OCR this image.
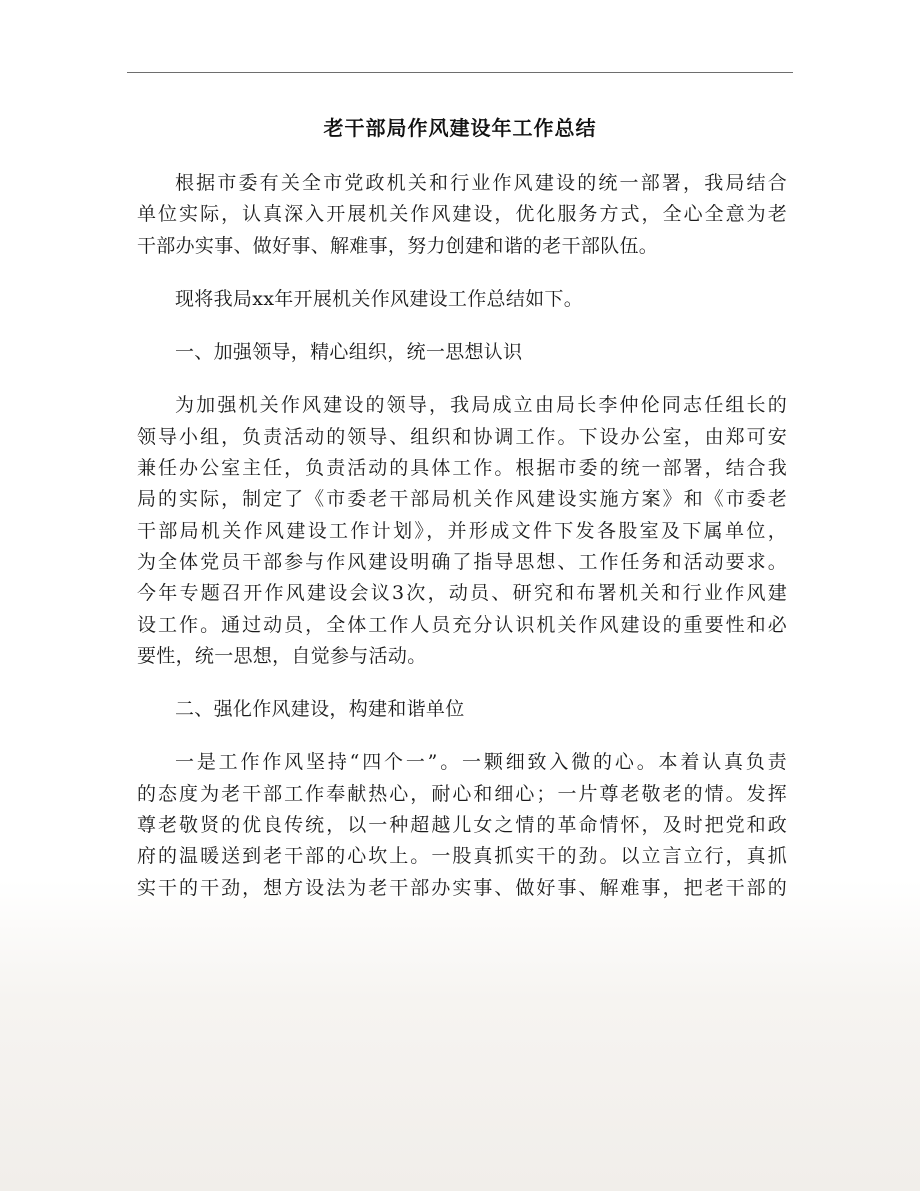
老干部局作风建设年工作总结
根据市委有关全市党政机关和行业作风建设的统一部署，我局结合
单位实际，认真深入开展机关作风建设，优化服务方式，全心全意为老
干部办实事、做好事、解难事，努力创建和谐的老干部队伍。
现将我局xx年开展机关作风建设工作总结如下。
一、加强领导，精心组织，统一思想认识
为加强机关作风建设的领导，我局成立由局长李仲伦同志任组长的
领导小组，负责活动的领导、组织和协调工作。下设办公室，由郑可安
兼任办公室主任，负责活动的具体工作。根据市委的统一部署，结合我
局的实际，制定了《市委老干部局机关作风建设实施方案》和《市委老
干部局机关作风建设工作计划》，并形成文件下发各股室及下属单位，
为全体党员干部参与作风建设明确了指导思想、工作任务和活动要求。
今年专题召开作风建设会议3次，动员、研究和布署机关和行业作风建
设工作。通过动员，全体工作人员充分认识机关作风建设的重要性和必
要性，统一思想，自觉参与活动。
二、强化作风建设，构建和谐单位
一是工作作风坚持“四个一”。一颗细致入微的心。本着认真负责
的态度为老干部工作奉献热心，耐心和细心；一片尊老敬老的情。发挥
尊老敬贤的优良传统，以一种超越儿女之情的革命情怀，及时把党和政
府的温暖送到老干部的心坎上。一股真抓实干的劲。以立言立行，真抓
实干的干劲，想方设法为老干部办实事、做好事、解难事，把老干部的
